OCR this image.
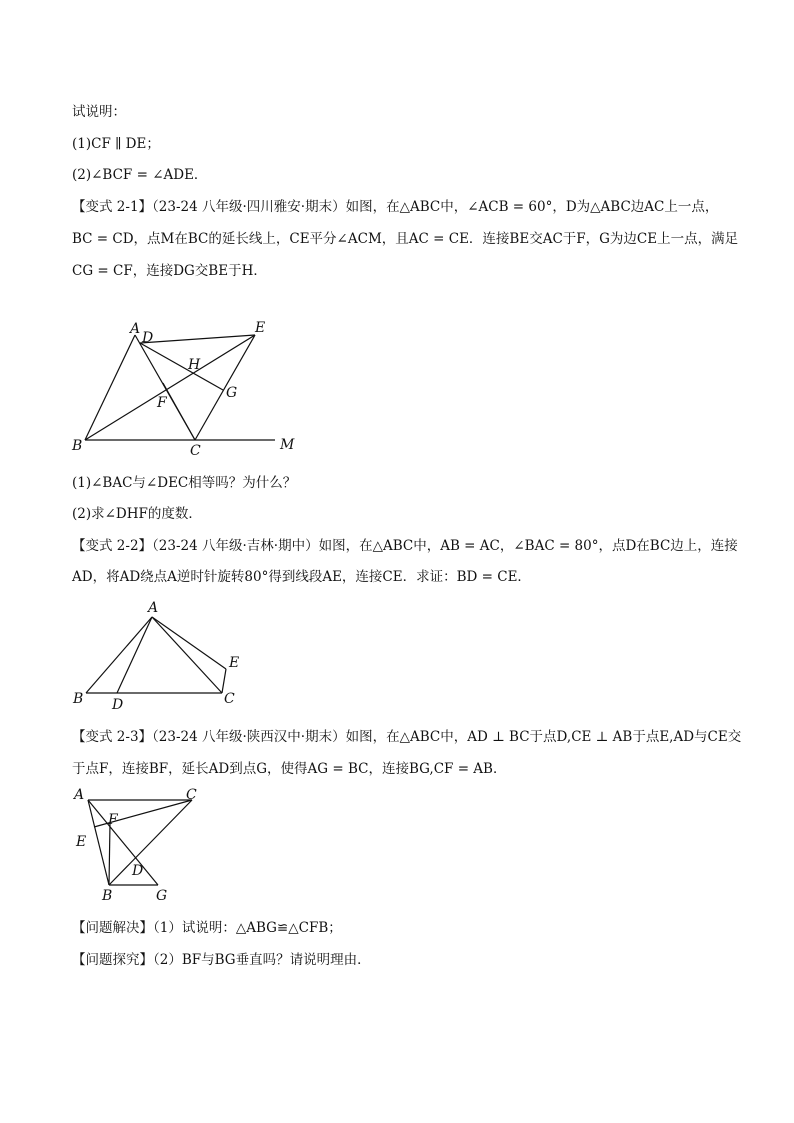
试说明：
(1)CF ∥ DE；
(2)∠BCF = ∠ADE．
【变式 2-1】（23-24 八年级·四川雅安·期末）如图，在△ABC中，∠ACB = 60°，D为△ABC边AC上一点，
BC = CD，点M在BC的延长线上，CE平分∠ACM，且AC = CE．连接BE交AC于F，G为边CE上一点，满足
CG = CF，连接DG交BE于H．
A
D
E
H
G
F
B	C	M
(1)∠BAC与∠DEC相等吗？为什么？
(2)求∠DHF的度数．
【变式 2-2】（23-24 八年级·吉林·期中）如图，在△ABC中，AB = AC，∠BAC = 80°，点D在BC边上，连接
AD，将AD绕点A逆时针旋转80°得到线段AE，连接CE．求证：BD = CE．
A
E
B D	C
【变式 2-3】（23-24 八年级·陕西汉中·期末）如图，在△ABC中，AD ⊥ BC于点D,CE ⊥ AB于点E,AD与CE交
于点F，连接BF，延长AD到点G，使得AG = BC，连接BG,CF = AB．
A	C
F
E
D
B	G
【问题解决】（1）试说明：△ABG≌△CFB；
【问题探究】（2）BF与BG垂直吗？请说明理由．
